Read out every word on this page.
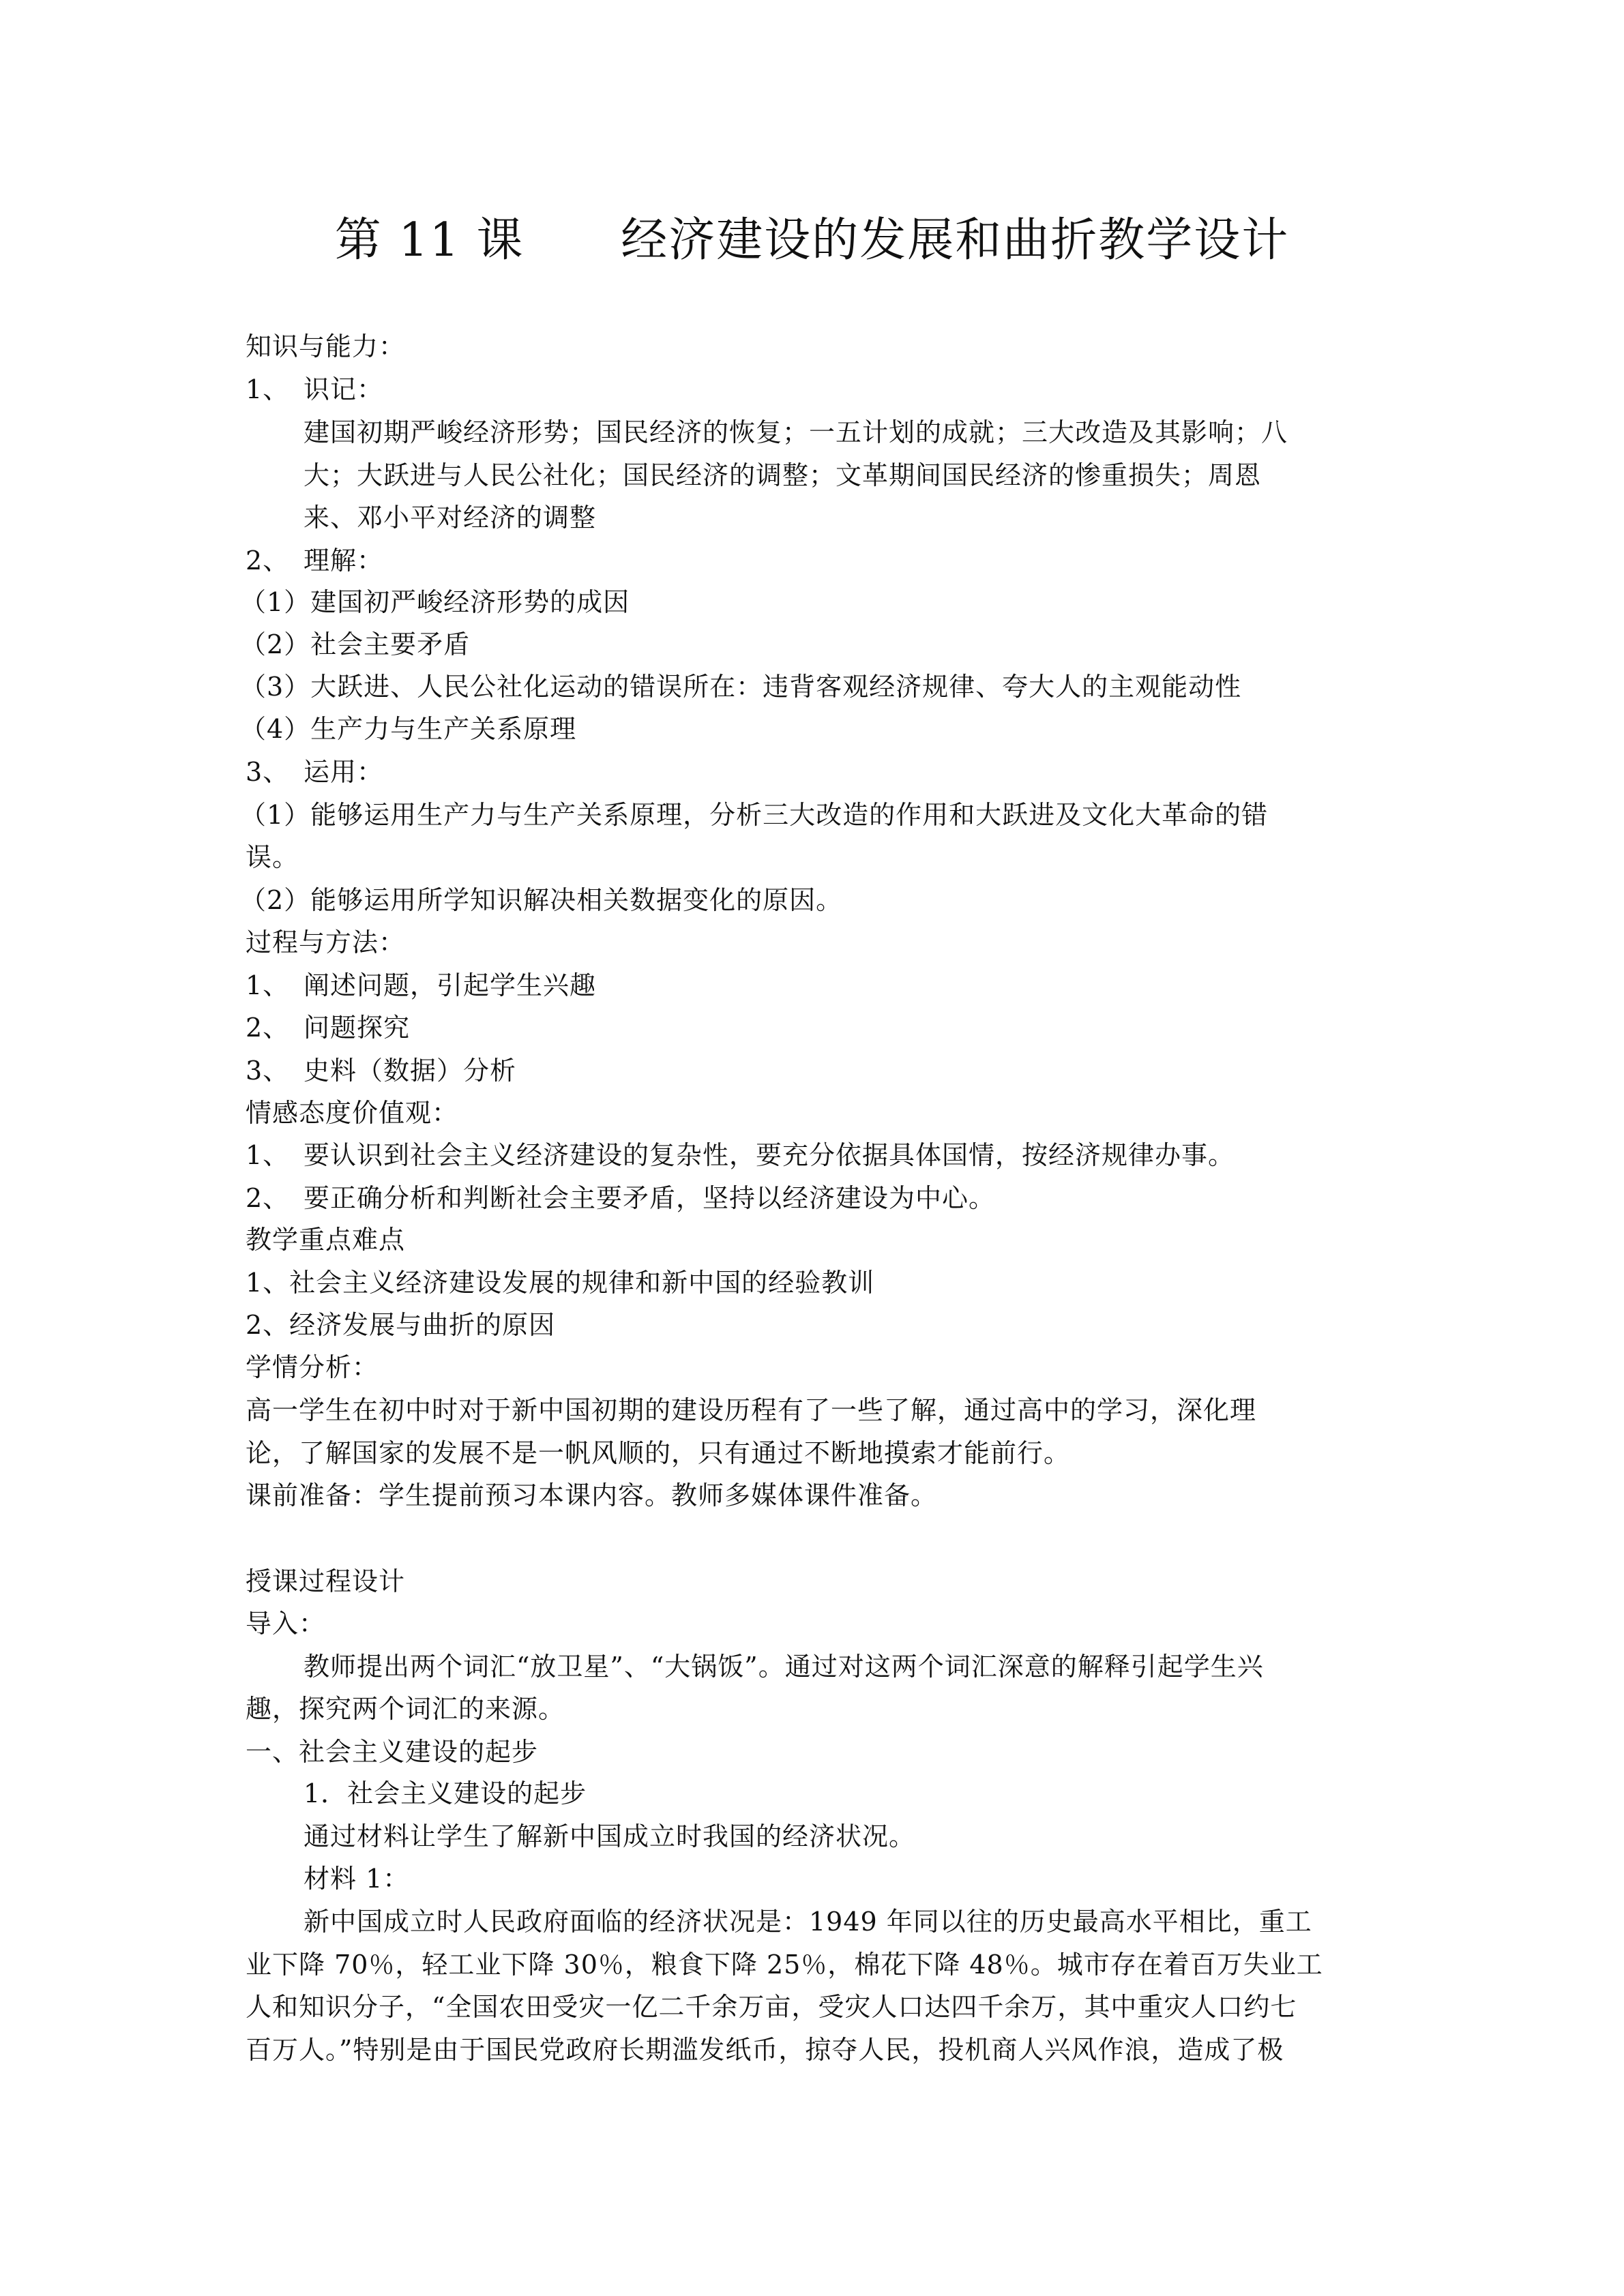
第 11 课      经济建设的发展和曲折教学设计
知识与能力：
1、 识记：
建国初期严峻经济形势；国民经济的恢复；一五计划的成就；三大改造及其影响；八
大；大跃进与人民公社化；国民经济的调整；文革期间国民经济的惨重损失；周恩
来、邓小平对经济的调整
2、 理解：
（1）建国初严峻经济形势的成因
（2）社会主要矛盾
（3）大跃进、人民公社化运动的错误所在：违背客观经济规律、夸大人的主观能动性
（4）生产力与生产关系原理
3、 运用：
（1）能够运用生产力与生产关系原理，分析三大改造的作用和大跃进及文化大革命的错
误。
（2）能够运用所学知识解决相关数据变化的原因。
过程与方法：
1、 阐述问题，引起学生兴趣
2、 问题探究
3、 史料（数据）分析
情感态度价值观：
1、 要认识到社会主义经济建设的复杂性，要充分依据具体国情，按经济规律办事。
2、 要正确分析和判断社会主要矛盾，坚持以经济建设为中心。
教学重点难点
1、社会主义经济建设发展的规律和新中国的经验教训
2、经济发展与曲折的原因
学情分析：
高一学生在初中时对于新中国初期的建设历程有了一些了解，通过高中的学习，深化理
论，了解国家的发展不是一帆风顺的，只有通过不断地摸索才能前行。
课前准备：学生提前预习本课内容。教师多媒体课件准备。
授课过程设计
导入：
教师提出两个词汇“放卫星”、“大锅饭”。通过对这两个词汇深意的解释引起学生兴
趣，探究两个词汇的来源。
一、社会主义建设的起步
1．社会主义建设的起步
通过材料让学生了解新中国成立时我国的经济状况。
材料 1：
新中国成立时人民政府面临的经济状况是：1949 年同以往的历史最高水平相比，重工
业下降 70％，轻工业下降 30％，粮食下降 25％，棉花下降 48％。城市存在着百万失业工
人和知识分子，“全国农田受灾一亿二千余万亩，受灾人口达四千余万，其中重灾人口约七
百万人。”特别是由于国民党政府长期滥发纸币，掠夺人民，投机商人兴风作浪，造成了极
